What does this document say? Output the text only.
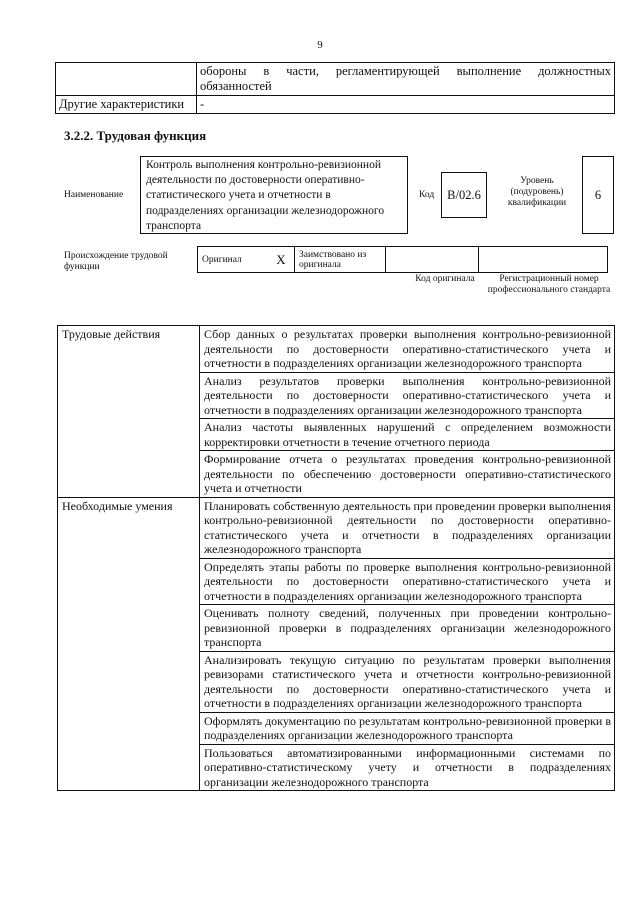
9
	обороны в части, регламентирующей выполнение должностных обязанностей
Другие характеристики	-
3.2.2. Трудовая функция
Наименование
Контроль выполнения контрольно-ревизионной деятельности по достоверности оперативно-статистического учета и отчетности в подразделениях организации железнодорожного транспорта
Код	B/02.6
Уровень
(подуровень)
квалификации
6
Происхождение трудовой функции
Оригинал	X	Заимствовано из оригинала		
Код оригинала	Регистрационный номер профессионального стандарта
Трудовые действия	Сбор данных о результатах проверки выполнения контрольно-ревизионной деятельности по достоверности оперативно-статистического учета и отчетности в подразделениях организации железнодорожного транспорта
	Анализ результатов проверки выполнения контрольно-ревизионной деятельности по достоверности оперативно-статистического учета и отчетности в подразделениях организации железнодорожного транспорта
	Анализ частоты выявленных нарушений с определением возможности корректировки отчетности в течение отчетного периода
	Формирование отчета о результатах проведения контрольно-ревизионной деятельности по обеспечению достоверности оперативно-статистического учета и отчетности
Необходимые умения	Планировать собственную деятельность при проведении проверки выполнения контрольно-ревизионной деятельности по достоверности оперативно-статистического учета и отчетности в подразделениях организации железнодорожного транспорта
	Определять этапы работы по проверке выполнения контрольно-ревизионной деятельности по достоверности оперативно-статистического учета и отчетности в подразделениях организации железнодорожного транспорта
	Оценивать полноту сведений, полученных при проведении контрольно-ревизионной проверки в подразделениях организации железнодорожного транспорта
	Анализировать текущую ситуацию по результатам проверки выполнения ревизорами статистического учета и отчетности контрольно-ревизионной деятельности по достоверности оперативно-статистического учета и отчетности в подразделениях организации железнодорожного транспорта
	Оформлять документацию по результатам контрольно-ревизионной проверки в подразделениях организации железнодорожного транспорта
	Пользоваться автоматизированными информационными системами по оперативно-статистическому учету и отчетности в подразделениях организации железнодорожного транспорта
